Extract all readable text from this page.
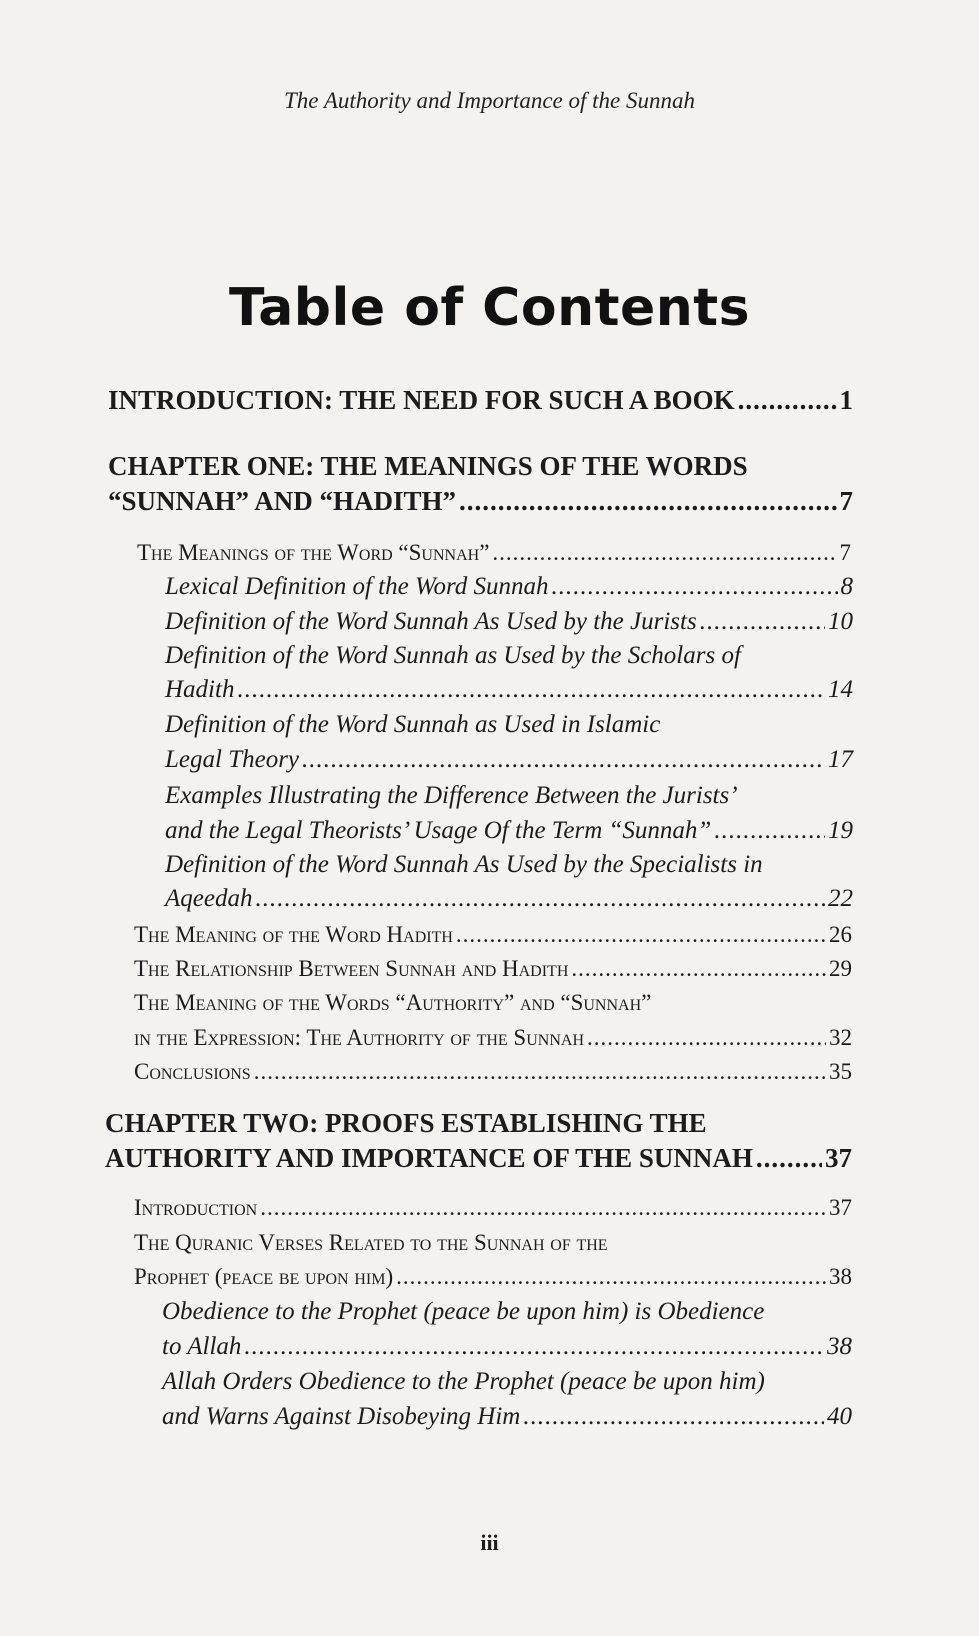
The Authority and Importance of the Sunnah
Table of Contents
INTRODUCTION: THE NEED FOR SUCH A BOOK .....	1
CHAPTER ONE: THE MEANINGS OF THE WORDS
“SUNNAH” AND “HADITH” .....	7
The Meanings of the Word “Sunnah” .....	7
Lexical Definition of the Word Sunnah .....	8
Definition of the Word Sunnah As Used by the Jurists .....	10
Definition of the Word Sunnah as Used by the Scholars of
Hadith .....	14
Definition of the Word Sunnah as Used in Islamic
Legal Theory .....	17
Examples Illustrating the Difference Between the Jurists’
and the Legal Theorists’ Usage Of the Term “Sunnah” .....	19
Definition of the Word Sunnah As Used by the Specialists in
Aqeedah .....	22
The Meaning of the Word Hadith .....	26
The Relationship Between Sunnah and Hadith .....	29
The Meaning of the Words “Authority” and “Sunnah”
in the Expression: The Authority of the Sunnah .....	32
Conclusions .....	35
CHAPTER TWO: PROOFS ESTABLISHING THE
AUTHORITY AND IMPORTANCE OF THE SUNNAH .....	37
Introduction .....	37
The Quranic Verses Related to the Sunnah of the
Prophet (peace be upon him) .....	38
Obedience to the Prophet (peace be upon him) is Obedience
to Allah .....	38
Allah Orders Obedience to the Prophet (peace be upon him)
and Warns Against Disobeying Him .....	40
iii
